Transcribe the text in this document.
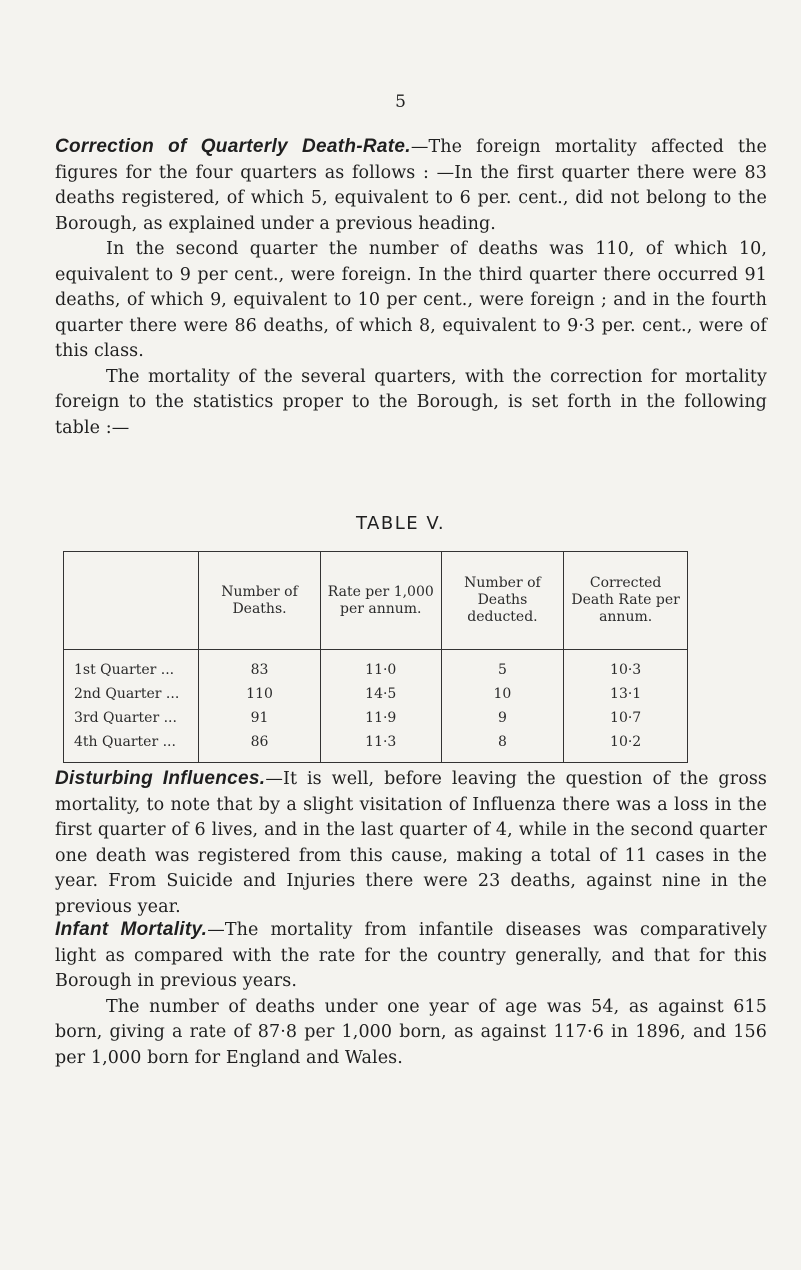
5

Correction of Quarterly Death-Rate.—The foreign mortality affected the figures for the four quarters as follows : —In the first quarter there were 83 deaths registered, of which 5, equivalent to 6 per. cent., did not belong to the Borough, as explained under a previous heading.

In the second quarter the number of deaths was 110, of which 10, equivalent to 9 per cent., were foreign. In the third quarter there occurred 91 deaths, of which 9, equivalent to 10 per cent., were foreign ; and in the fourth quarter there were 86 deaths, of which 8, equivalent to 9·3 per. cent., were of this class.

The mortality of the several quarters, with the correction for mortality foreign to the statistics proper to the Borough, is set forth in the following table :—

TABLE V.
	Number of Deaths.	Rate per 1,000 per annum.	Number of Deaths deducted.	Corrected Death Rate per annum.
1st Quarter ...	83	11·0	5	10·3
2nd Quarter ...	110	14·5	10	13·1
3rd Quarter ...	91	11·9	9	10·7
4th Quarter ...	86	11·3	8	10·2

Disturbing Influences.—It is well, before leaving the question of the gross mortality, to note that by a slight visitation of Influenza there was a loss in the first quarter of 6 lives, and in the last quarter of 4, while in the second quarter one death was registered from this cause, making a total of 11 cases in the year. From Suicide and Injuries there were 23 deaths, against nine in the previous year.

Infant Mortality.—The mortality from infantile diseases was comparatively light as compared with the rate for the country generally, and that for this Borough in previous years.

The number of deaths under one year of age was 54, as against 615 born, giving a rate of 87·8 per 1,000 born, as against 117·6 in 1896, and 156 per 1,000 born for England and Wales.
